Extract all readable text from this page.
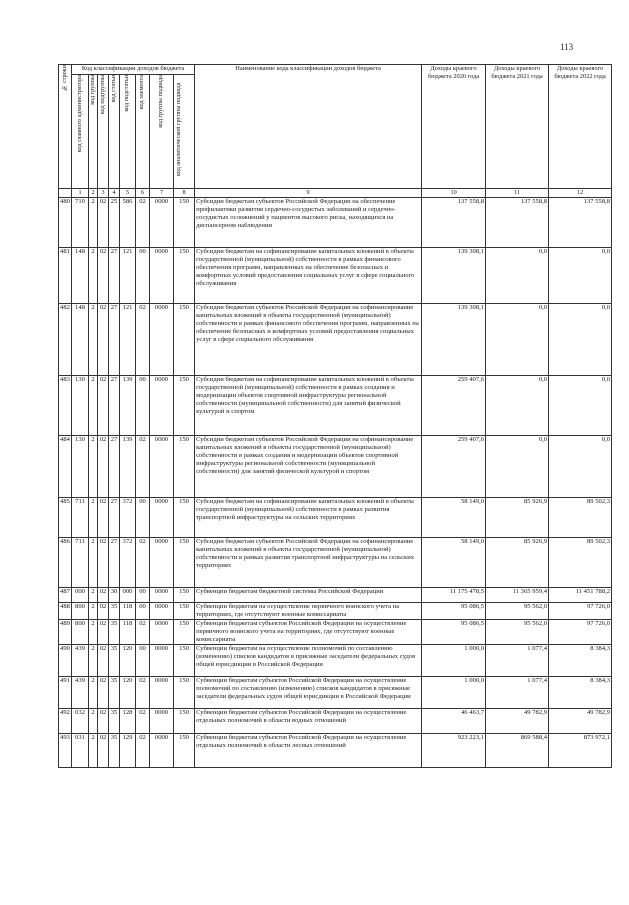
113
№ строки	Код классификации доходов бюджета								Наименование кода классификации доходов бюджета	Доходы краевого бюджета 2020 года	Доходы краевого бюджета 2021 года	Доходы краевого бюджета 2022 года

	код главного администратора	код группы	код подгруппы	код статьи	код подстатьи	код элемента	код группы подвида	код аналитической группы подвида				

	1	2	3	4	5	6	7	8	9	10	11	12
480	710	2	02	25	586	02	0000	150	Субсидии бюджетам субъектов Российской Федерации на обеспечение профилактики развития сердечно-сосудистых заболеваний и сердечно-сосудистых осложнений у пациентов высокого риска, находящихся на диспансерном наблюдении	137 558,8	137 558,8	137 558,8
481	148	2	02	27	121	00	0000	150	Субсидии бюджетам на софинансирование капитальных вложений в объекты государственной (муниципальной) собственности в рамках финансового обеспечения программ, направленных на обеспечение безопасных и комфортных условий предоставления социальных услуг в сфере социального обслуживания	139 308,1	0,0	0,0
482	148	2	02	27	121	02	0000	150	Субсидии бюджетам субъектов Российской Федерации на софинансирование капитальных вложений в объекты государственной (муниципальной) собственности в рамках финансового обеспечения программ, направленных на обеспечение безопасных и комфортных условий предоставления социальных услуг в сфере социального обслуживания	139 308,1	0,0	0,0
483	130	2	02	27	139	00	0000	150	Субсидии бюджетам на софинансирование капитальных вложений в объекты государственной (муниципальной) собственности в рамках создания и модернизации объектов спортивной инфраструктуры региональной собственности (муниципальной собственности) для занятий физической культурой и спортом	259 407,6	0,0	0,0
484	130	2	02	27	139	02	0000	150	Субсидии бюджетам субъектов Российской Федерации на софинансирование капитальных вложений в объекты государственной (муниципальной) собственности в рамках создания и модернизации объектов спортивной инфраструктуры региональной собственности (муниципальной собственности) для занятий физической культурой и спортом	259 407,6	0,0	0,0
485	711	2	02	27	372	00	0000	150	Субсидии бюджетам на софинансирование капитальных вложений в объекты государственной (муниципальной) собственности в рамках развития транспортной инфраструктуры на сельских территориях	58 149,0	85 926,9	89 502,3
486	711	2	02	27	372	02	0000	150	Субсидии бюджетам субъектов Российской Федерации на софинансирование капитальных вложений в объекты государственной (муниципальной) собственности в рамках развития транспортной инфраструктуры на сельских территориях	58 149,0	85 926,9	89 502,3
487	000	2	02	30	000	00	0000	150	Субвенции бюджетам бюджетной системы Российской Федерации	11 175 478,5	11 365 959,4	11 451 788,2
488	800	2	02	35	118	00	0000	150	Субвенции бюджетам на осуществление первичного воинского учета на территориях, где отсутствуют военные комиссариаты	95 086,5	95 562,0	97 726,0
489	800	2	02	35	118	02	0000	150	Субвенции бюджетам субъектов Российской Федерации на осуществление первичного воинского учета на территориях, где отсутствуют военные комиссариаты	95 086,5	95 562,0	97 726,0
490	439	2	02	35	120	00	0000	150	Субвенции бюджетам на осуществление полномочий по составлению (изменению) списков кандидатов в присяжные заседатели федеральных судов общей юрисдикции в Российской Федерации	1 000,0	1 077,4	8 384,3
491	439	2	02	35	120	02	0000	150	Субвенции бюджетам субъектов Российской Федерации на осуществление полномочий по составлению (изменению) списков кандидатов в присяжные заседатели федеральных судов общей юрисдикции в Российской Федерации	1 000,0	1 077,4	8 384,3
492	032	2	02	35	128	02	0000	150	Субвенции бюджетам субъектов Российской Федерации на осуществление отдельных полномочий в области водных отношений	46 463,7	49 782,9	49 782,9
493	031	2	02	35	129	02	0000	150	Субвенции бюджетам субъектов Российской Федерации на осуществление отдельных полномочий в области лесных отношений	923 223,1	869 588,4	873 972,1
